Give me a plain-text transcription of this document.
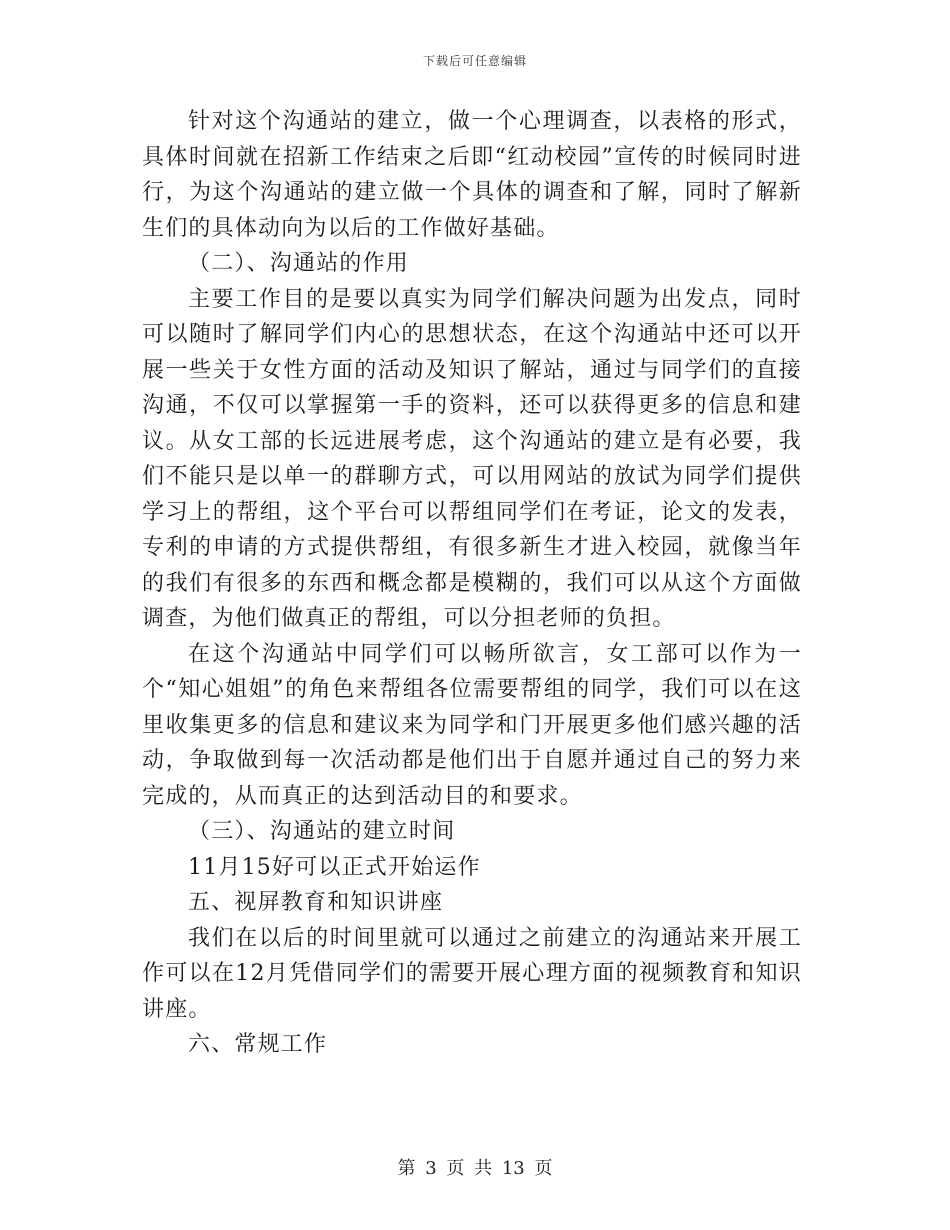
下载后可任意编辑

针对这个沟通站的建立，做一个心理调查，以表格的形式，具体时间就在招新工作结束之后即“红动校园”宣传的时候同时进行，为这个沟通站的建立做一个具体的调查和了解，同时了解新生们的具体动向为以后的工作做好基础。

（二）、沟通站的作用

主要工作目的是要以真实为同学们解决问题为出发点，同时可以随时了解同学们内心的思想状态，在这个沟通站中还可以开展一些关于女性方面的活动及知识了解站，通过与同学们的直接沟通，不仅可以掌握第一手的资料，还可以获得更多的信息和建议。从女工部的长远进展考虑，这个沟通站的建立是有必要，我们不能只是以单一的群聊方式，可以用网站的放试为同学们提供学习上的帮组，这个平台可以帮组同学们在考证，论文的发表，专利的申请的方式提供帮组，有很多新生才进入校园，就像当年的我们有很多的东西和概念都是模糊的，我们可以从这个方面做调查，为他们做真正的帮组，可以分担老师的负担。

在这个沟通站中同学们可以畅所欲言，女工部可以作为一个“知心姐姐”的角色来帮组各位需要帮组的同学，我们可以在这里收集更多的信息和建议来为同学和门开展更多他们感兴趣的活动，争取做到每一次活动都是他们出于自愿并通过自己的努力来完成的，从而真正的达到活动目的和要求。

（三）、沟通站的建立时间

11月15好可以正式开始运作

五、视屏教育和知识讲座

我们在以后的时间里就可以通过之前建立的沟通站来开展工作可以在12月凭借同学们的需要开展心理方面的视频教育和知识讲座。

六、常规工作

第 3 页 共 13 页
